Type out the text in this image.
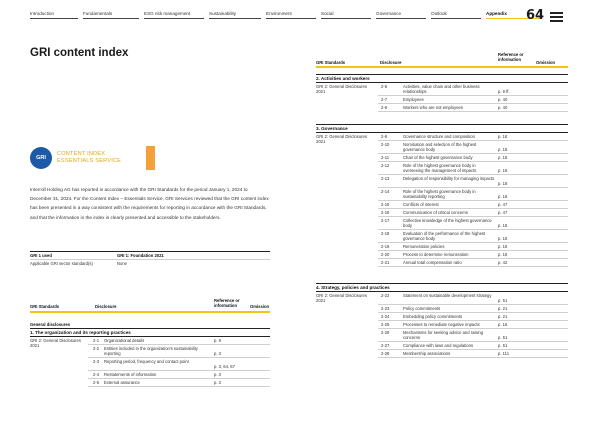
Introduction	Fundamentals	ESG risk management	Sustainability	Environment	Social	Governance	Outlook	Appendix	64
GRI content index
GRI
CONTENT INDEX
ESSENTIALS SERVICE
Interroll Holding AG has reported in accordance with the GRI Standards for the period January 1, 2024 to December 31, 2024. For the Content Index – Essentials Service, GRI Services reviewed that the GRI content index has been presented in a way consistent with the requirements for reporting in accordance with the GRI Standards, and that the information in the index is clearly presented and accessible to the stakeholders.
GRI 1 used	GRI 1: Foundation 2021
Applicable GRI sector standard(s)	None
GRI Standards	Disclosure
Reference or information	Omission
General disclosures
1. The organization and its reporting practices
GRI 2: General Disclosures 2021
2-1 Organizational details	p. 9
2-2 Entities included in the organization's sustainability reporting	p. 3
2-3 Reporting period, frequency and contact point
p. 3, 64, 67
2-4 Restatements of information	p. 3
2-5 External assurance	p. 3
GRI Standards	Disclosure
Reference or information
Omission
2. Activities and workers
GRI 2: General Disclosures 2021
2-6	Activities, value chain and other business relationships	p. 9 ff.
2-7	Employees	p. 40
2-8	Workers who are not employees	p. 40
3. Governance
GRI 2: General Disclosures 2021
2-9	Governance structure and composition	p. 18
2-10	Nomination and selection of the highest governance body	p. 18
2-11	Chair of the highest governance body	p. 18
2-12	Role of the highest governance body in overseeing the management of impacts	p. 18
2-13	Delegation of responsibility for managing impacts
p. 18
2-14	Role of the highest governance body in sustainability reporting	p. 18
2-15	Conflicts of interest	p. 47
2-16	Communication of critical concerns	p. 47
2-17	Collective knowledge of the highest governance body	p. 18
2-18	Evaluation of the performance of the highest governance body	p. 18
2-19	Remuneration policies	p. 18
2-20	Process to determine remuneration	p. 18
2-21	Annual total compensation ratio	p. 42
4. Strategy, policies and practices
GRI 2: General Disclosures 2021
2-22	Statement on sustainable development strategy
p. 51
2-23	Policy commitments	p. 21
2-24	Embedding policy commitments	p. 21
2-25	Processes to remediate negative impacts	p. 16
2-26	Mechanisms for seeking advice and raising concerns	p. 51
2-27	Compliance with laws and regulations	p. 51
2-28	Membership associations	p. 111
